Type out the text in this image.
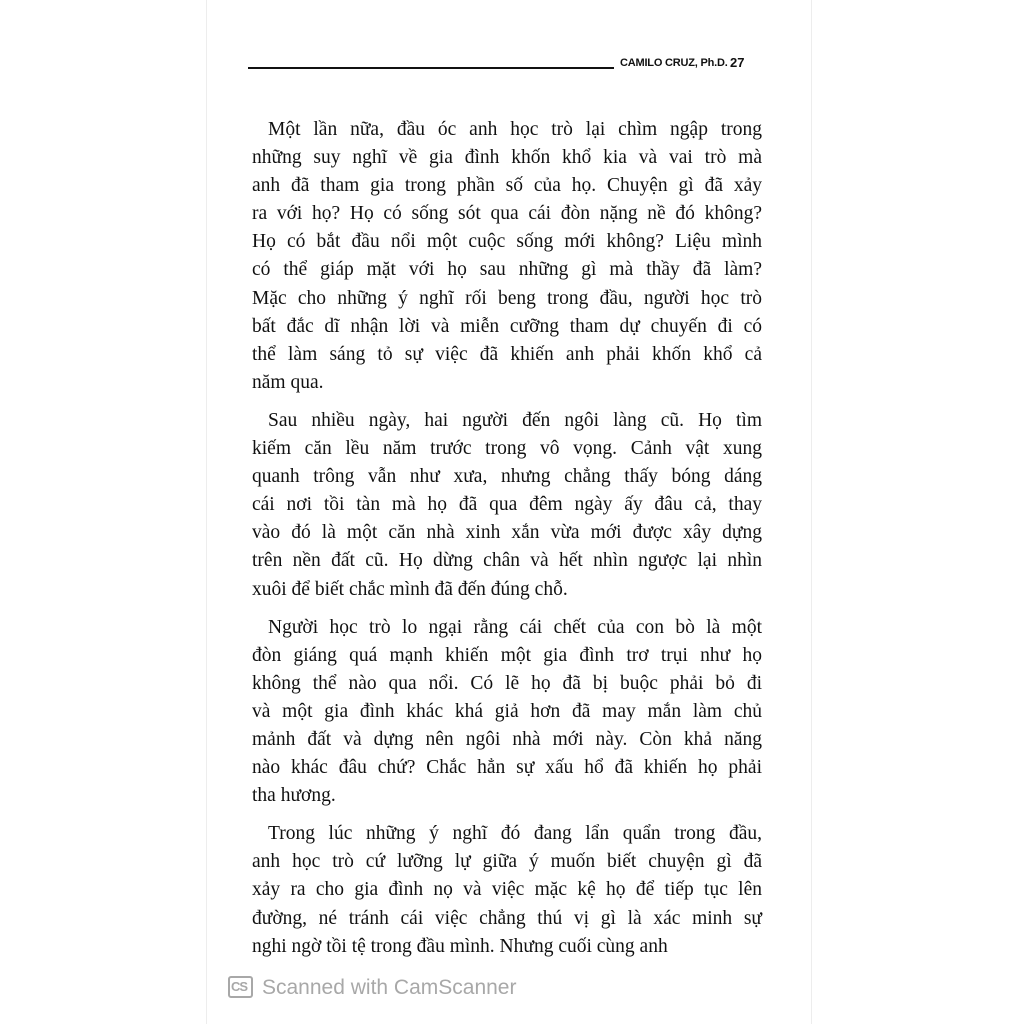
CAMILO CRUZ, Ph.D. 27
Một lần nữa, đầu óc anh học trò lại chìm ngập trong
những suy nghĩ về gia đình khốn khổ kia và vai trò mà
anh đã tham gia trong phần số của họ. Chuyện gì đã xảy
ra với họ? Họ có sống sót qua cái đòn nặng nề đó không?
Họ có bắt đầu nổi một cuộc sống mới không? Liệu mình
có thể giáp mặt với họ sau những gì mà thầy đã làm?
Mặc cho những ý nghĩ rối beng trong đầu, người học trò
bất đắc dĩ nhận lời và miễn cưỡng tham dự chuyến đi có
thể làm sáng tỏ sự việc đã khiến anh phải khốn khổ cả
năm qua.
Sau nhiều ngày, hai người đến ngôi làng cũ. Họ tìm
kiếm căn lều năm trước trong vô vọng. Cảnh vật xung
quanh trông vẫn như xưa, nhưng chẳng thấy bóng dáng
cái nơi tồi tàn mà họ đã qua đêm ngày ấy đâu cả, thay
vào đó là một căn nhà xinh xắn vừa mới được xây dựng
trên nền đất cũ. Họ dừng chân và hết nhìn ngược lại nhìn
xuôi để biết chắc mình đã đến đúng chỗ.
Người học trò lo ngại rằng cái chết của con bò là một
đòn giáng quá mạnh khiến một gia đình trơ trụi như họ
không thể nào qua nổi. Có lẽ họ đã bị buộc phải bỏ đi
và một gia đình khác khá giả hơn đã may mắn làm chủ
mảnh đất và dựng nên ngôi nhà mới này. Còn khả năng
nào khác đâu chứ? Chắc hẳn sự xấu hổ đã khiến họ phải
tha hương.
Trong lúc những ý nghĩ đó đang lẩn quẩn trong đầu,
anh học trò cứ lưỡng lự giữa ý muốn biết chuyện gì đã
xảy ra cho gia đình nọ và việc mặc kệ họ để tiếp tục lên
đường, né tránh cái việc chẳng thú vị gì là xác minh sự
nghi ngờ tồi tệ trong đầu mình. Nhưng cuối cùng anh
CS Scanned with CamScanner
